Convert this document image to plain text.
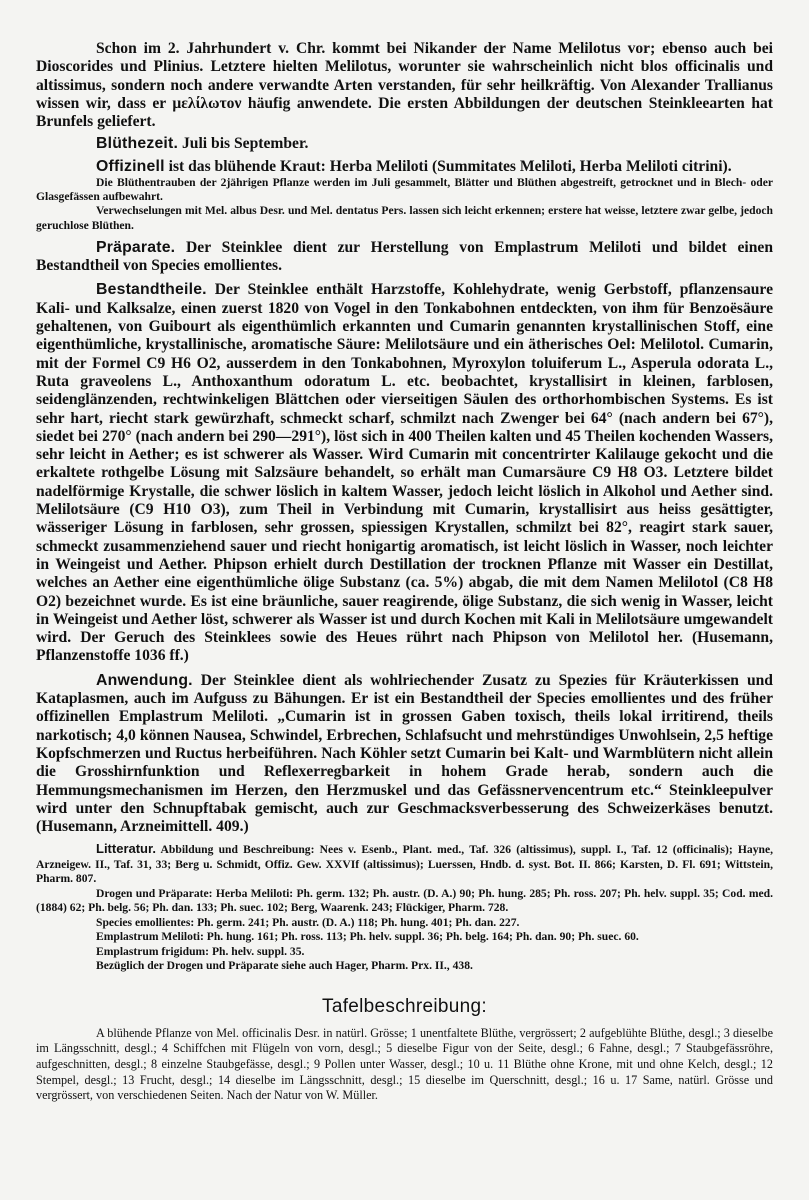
Schon im 2. Jahrhundert v. Chr. kommt bei Nikander der Name Melilotus vor; ebenso auch bei Dioscorides und Plinius. Letztere hielten Melilotus, worunter sie wahrscheinlich nicht blos officinalis und altissimus, sondern noch andere verwandte Arten verstanden, für sehr heilkräftig. Von Alexander Trallianus wissen wir, dass er μελίλωτον häufig anwendete. Die ersten Abbildungen der deutschen Steinkleearten hat Brunfels geliefert.

Blüthezeit. Juli bis September.

Offizinell ist das blühende Kraut: Herba Meliloti (Summitates Meliloti, Herba Meliloti citrini).

Die Blüthentrauben der 2jährigen Pflanze werden im Juli gesammelt, Blätter und Blüthen abgestreift, getrocknet und in Blech- oder Glasgefässen aufbewahrt.

Verwechselungen mit Mel. albus Desr. und Mel. dentatus Pers. lassen sich leicht erkennen; erstere hat weisse, letztere zwar gelbe, jedoch geruchlose Blüthen.

Präparate. Der Steinklee dient zur Herstellung von Emplastrum Meliloti und bildet einen Bestandtheil von Species emollientes.

Bestandtheile. Der Steinklee enthält Harzstoffe, Kohlehydrate, wenig Gerbstoff, pflanzensaure Kali- und Kalksalze, einen zuerst 1820 von Vogel in den Tonkabohnen entdeckten, von ihm für Benzoësäure gehaltenen, von Guibourt als eigenthümlich erkannten und Cumarin genannten krystallinischen Stoff, eine eigenthümliche, krystallinische, aromatische Säure: Melilotsäure und ein ätherisches Oel: Melilotol. Cumarin, mit der Formel C9 H6 O2, ausserdem in den Tonkabohnen, Myroxylon toluiferum L., Asperula odorata L., Ruta graveolens L., Anthoxanthum odoratum L. etc. beobachtet, krystallisirt in kleinen, farblosen, seidenglänzenden, rechtwinkeligen Blättchen oder vierseitigen Säulen des orthorhombischen Systems. Es ist sehr hart, riecht stark gewürzhaft, schmeckt scharf, schmilzt nach Zwenger bei 64° (nach andern bei 67°), siedet bei 270° (nach andern bei 290—291°), löst sich in 400 Theilen kalten und 45 Theilen kochenden Wassers, sehr leicht in Aether; es ist schwerer als Wasser. Wird Cumarin mit concentrirter Kalilauge gekocht und die erkaltete rothgelbe Lösung mit Salzsäure behandelt, so erhält man Cumarsäure C9 H8 O3. Letztere bildet nadelförmige Krystalle, die schwer löslich in kaltem Wasser, jedoch leicht löslich in Alkohol und Aether sind. Melilotsäure (C9 H10 O3), zum Theil in Verbindung mit Cumarin, krystallisirt aus heiss gesättigter, wässeriger Lösung in farblosen, sehr grossen, spiessigen Krystallen, schmilzt bei 82°, reagirt stark sauer, schmeckt zusammenziehend sauer und riecht honigartig aromatisch, ist leicht löslich in Wasser, noch leichter in Weingeist und Aether. Phipson erhielt durch Destillation der trocknen Pflanze mit Wasser ein Destillat, welches an Aether eine eigenthümliche ölige Substanz (ca. 5%) abgab, die mit dem Namen Melilotol (C8 H8 O2) bezeichnet wurde. Es ist eine bräunliche, sauer reagirende, ölige Substanz, die sich wenig in Wasser, leicht in Weingeist und Aether löst, schwerer als Wasser ist und durch Kochen mit Kali in Melilotsäure umgewandelt wird. Der Geruch des Steinklees sowie des Heues rührt nach Phipson von Melilotol her. (Husemann, Pflanzenstoffe 1036 ff.)

Anwendung. Der Steinklee dient als wohlriechender Zusatz zu Spezies für Kräuterkissen und Kataplasmen, auch im Aufguss zu Bähungen. Er ist ein Bestandtheil der Species emollientes und des früher offizinellen Emplastrum Meliloti. „Cumarin ist in grossen Gaben toxisch, theils lokal irritirend, theils narkotisch; 4,0 können Nausea, Schwindel, Erbrechen, Schlafsucht und mehrstündiges Unwohlsein, 2,5 heftige Kopfschmerzen und Ructus herbeiführen. Nach Köhler setzt Cumarin bei Kalt- und Warmblütern nicht allein die Grosshirnfunktion und Reflexerregbarkeit in hohem Grade herab, sondern auch die Hemmungsmechanismen im Herzen, den Herzmuskel und das Gefässnervencentrum etc.“ Steinkleepulver wird unter den Schnupftabak gemischt, auch zur Geschmacksverbesserung des Schweizerkäses benutzt. (Husemann, Arzneimittell. 409.)

Litteratur. Abbildung und Beschreibung: Nees v. Esenb., Plant. med., Taf. 326 (altissimus), suppl. I., Taf. 12 (officinalis); Hayne, Arzneigew. II., Taf. 31, 33; Berg u. Schmidt, Offiz. Gew. XXVIf (altissimus); Luerssen, Hndb. d. syst. Bot. II. 866; Karsten, D. Fl. 691; Wittstein, Pharm. 807.

Drogen und Präparate: Herba Meliloti: Ph. germ. 132; Ph. austr. (D. A.) 90; Ph. hung. 285; Ph. ross. 207; Ph. helv. suppl. 35; Cod. med. (1884) 62; Ph. belg. 56; Ph. dan. 133; Ph. suec. 102; Berg, Waarenk. 243; Flückiger, Pharm. 728.

Species emollientes: Ph. germ. 241; Ph. austr. (D. A.) 118; Ph. hung. 401; Ph. dan. 227.

Emplastrum Meliloti: Ph. hung. 161; Ph. ross. 113; Ph. helv. suppl. 36; Ph. belg. 164; Ph. dan. 90; Ph. suec. 60.

Emplastrum frigidum: Ph. helv. suppl. 35.

Bezüglich der Drogen und Präparate siehe auch Hager, Pharm. Prx. II., 438.

Tafelbeschreibung:

A blühende Pflanze von Mel. officinalis Desr. in natürl. Grösse; 1 unentfaltete Blüthe, vergrössert; 2 aufgeblühte Blüthe, desgl.; 3 dieselbe im Längsschnitt, desgl.; 4 Schiffchen mit Flügeln von vorn, desgl.; 5 dieselbe Figur von der Seite, desgl.; 6 Fahne, desgl.; 7 Staubgefässröhre, aufgeschnitten, desgl.; 8 einzelne Staubgefässe, desgl.; 9 Pollen unter Wasser, desgl.; 10 u. 11 Blüthe ohne Krone, mit und ohne Kelch, desgl.; 12 Stempel, desgl.; 13 Frucht, desgl.; 14 dieselbe im Längsschnitt, desgl.; 15 dieselbe im Querschnitt, desgl.; 16 u. 17 Same, natürl. Grösse und vergrössert, von verschiedenen Seiten. Nach der Natur von W. Müller.
